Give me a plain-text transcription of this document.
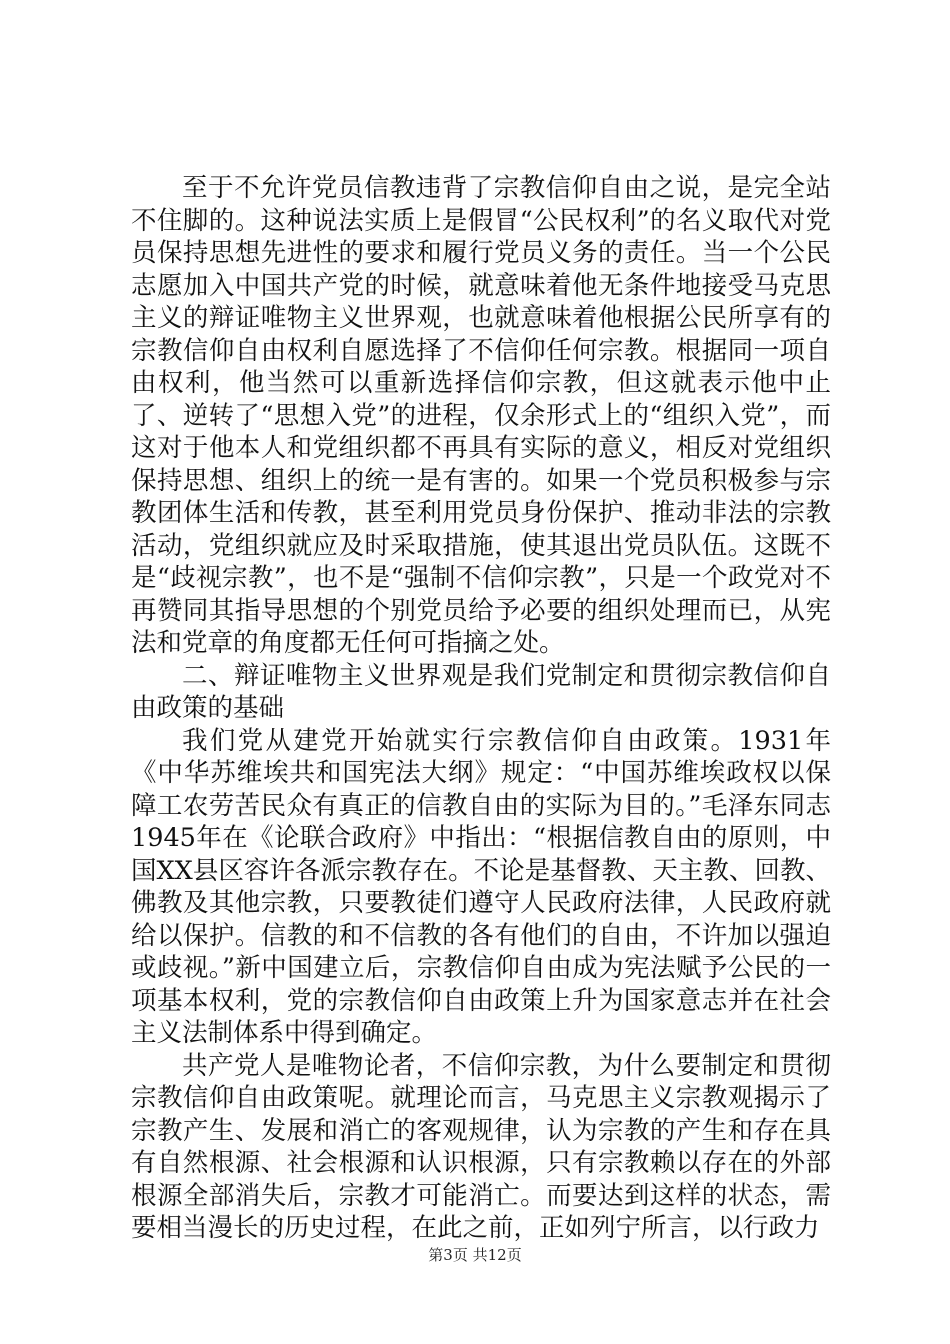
至于不允许党员信教违背了宗教信仰自由之说，是完全站不住脚的。这种说法实质上是假冒“公民权利”的名义取代对党员保持思想先进性的要求和履行党员义务的责任。当一个公民志愿加入中国共产党的时候，就意味着他无条件地接受马克思主义的辩证唯物主义世界观，也就意味着他根据公民所享有的宗教信仰自由权利自愿选择了不信仰任何宗教。根据同一项自由权利，他当然可以重新选择信仰宗教，但这就表示他中止了、逆转了“思想入党”的进程，仅余形式上的“组织入党”，而这对于他本人和党组织都不再具有实际的意义，相反对党组织保持思想、组织上的统一是有害的。如果一个党员积极参与宗教团体生活和传教，甚至利用党员身份保护、推动非法的宗教活动，党组织就应及时采取措施，使其退出党员队伍。这既不是“歧视宗教”，也不是“强制不信仰宗教”，只是一个政党对不再赞同其指导思想的个别党员给予必要的组织处理而已，从宪法和党章的角度都无任何可指摘之处。

二、辩证唯物主义世界观是我们党制定和贯彻宗教信仰自由政策的基础

我们党从建党开始就实行宗教信仰自由政策。1931年《中华苏维埃共和国宪法大纲》规定：“中国苏维埃政权以保障工农劳苦民众有真正的信教自由的实际为目的。”毛泽东同志1945年在《论联合政府》中指出：“根据信教自由的原则，中国XX县区容许各派宗教存在。不论是基督教、天主教、回教、佛教及其他宗教，只要教徒们遵守人民政府法律，人民政府就给以保护。信教的和不信教的各有他们的自由，不许加以强迫或歧视。”新中国建立后，宗教信仰自由成为宪法赋予公民的一项基本权利，党的宗教信仰自由政策上升为国家意志并在社会主义法制体系中得到确定。

共产党人是唯物论者，不信仰宗教，为什么要制定和贯彻宗教信仰自由政策呢。就理论而言，马克思主义宗教观揭示了宗教产生、发展和消亡的客观规律，认为宗教的产生和存在具有自然根源、社会根源和认识根源，只有宗教赖以存在的外部根源全部消失后，宗教才可能消亡。而要达到这样的状态，需要相当漫长的历史过程，在此之前，正如列宁所言，以行政力

第3页 共12页
